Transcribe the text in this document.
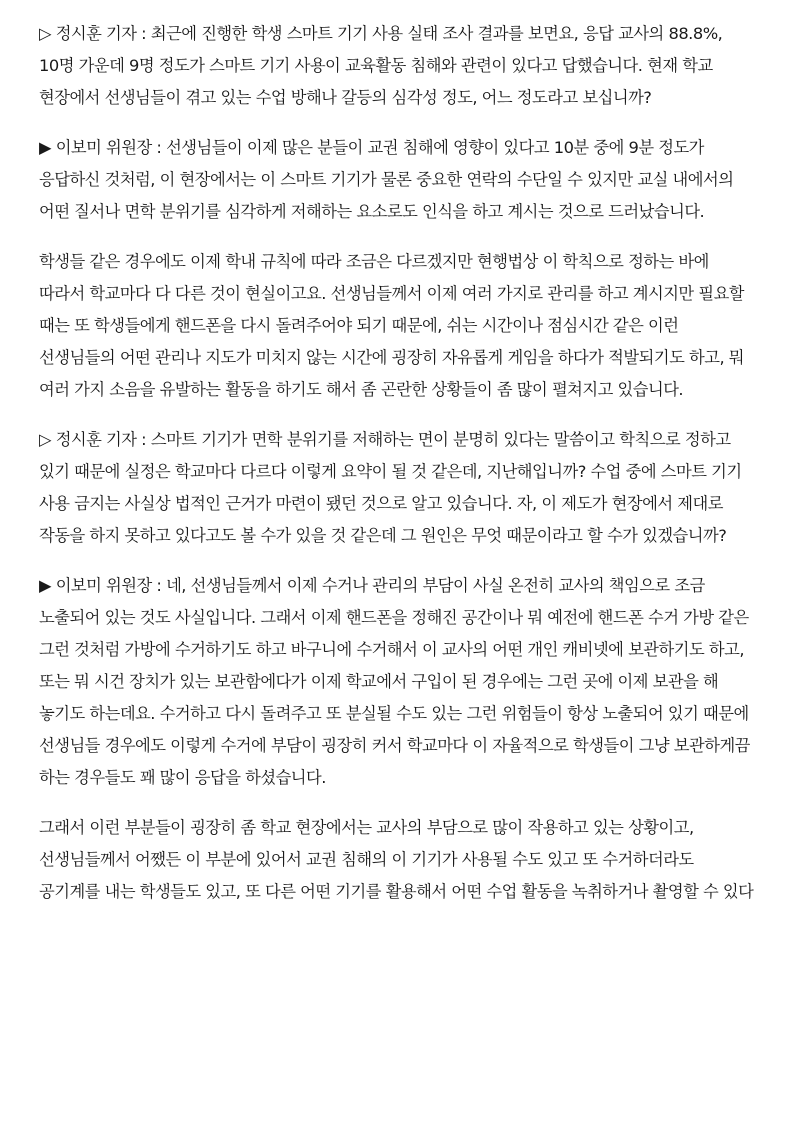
▷ 정시훈 기자 : 최근에 진행한 학생 스마트 기기 사용 실태 조사 결과를 보면요, 응답 교사의 88.8%, 10명 가운데 9명 정도가 스마트 기기 사용이 교육활동 침해와 관련이 있다고 답했습니다. 현재 학교 현장에서 선생님들이 겪고 있는 수업 방해나 갈등의 심각성 정도, 어느 정도라고 보십니까?

▶ 이보미 위원장 : 선생님들이 이제 많은 분들이 교권 침해에 영향이 있다고 10분 중에 9분 정도가 응답하신 것처럼, 이 현장에서는 이 스마트 기기가 물론 중요한 연락의 수단일 수 있지만 교실 내에서의 어떤 질서나 면학 분위기를 심각하게 저해하는 요소로도 인식을 하고 계시는 것으로 드러났습니다.

학생들 같은 경우에도 이제 학내 규칙에 따라 조금은 다르겠지만 현행법상 이 학칙으로 정하는 바에 따라서 학교마다 다 다른 것이 현실이고요. 선생님들께서 이제 여러 가지로 관리를 하고 계시지만 필요할 때는 또 학생들에게 핸드폰을 다시 돌려주어야 되기 때문에, 쉬는 시간이나 점심시간 같은 이런 선생님들의 어떤 관리나 지도가 미치지 않는 시간에 굉장히 자유롭게 게임을 하다가 적발되기도 하고, 뭐 여러 가지 소음을 유발하는 활동을 하기도 해서 좀 곤란한 상황들이 좀 많이 펼쳐지고 있습니다.

▷ 정시훈 기자 : 스마트 기기가 면학 분위기를 저해하는 면이 분명히 있다는 말씀이고 학칙으로 정하고 있기 때문에 실정은 학교마다 다르다 이렇게 요약이 될 것 같은데, 지난해입니까? 수업 중에 스마트 기기 사용 금지는 사실상 법적인 근거가 마련이 됐던 것으로 알고 있습니다. 자, 이 제도가 현장에서 제대로 작동을 하지 못하고 있다고도 볼 수가 있을 것 같은데 그 원인은 무엇 때문이라고 할 수가 있겠습니까?

▶ 이보미 위원장 : 네, 선생님들께서 이제 수거나 관리의 부담이 사실 온전히 교사의 책임으로 조금 노출되어 있는 것도 사실입니다. 그래서 이제 핸드폰을 정해진 공간이나 뭐 예전에 핸드폰 수거 가방 같은 그런 것처럼 가방에 수거하기도 하고 바구니에 수거해서 이 교사의 어떤 개인 캐비넷에 보관하기도 하고, 또는 뭐 시건 장치가 있는 보관함에다가 이제 학교에서 구입이 된 경우에는 그런 곳에 이제 보관을 해 놓기도 하는데요. 수거하고 다시 돌려주고 또 분실될 수도 있는 그런 위험들이 항상 노출되어 있기 때문에 선생님들 경우에도 이렇게 수거에 부담이 굉장히 커서 학교마다 이 자율적으로 학생들이 그냥 보관하게끔 하는 경우들도 꽤 많이 응답을 하셨습니다.

그래서 이런 부분들이 굉장히 좀 학교 현장에서는 교사의 부담으로 많이 작용하고 있는 상황이고, 선생님들께서 어쨌든 이 부분에 있어서 교권 침해의 이 기기가 사용될 수도 있고 또 수거하더라도 공기계를 내는 학생들도 있고, 또 다른 어떤 기기를 활용해서 어떤 수업 활동을 녹취하거나 촬영할 수 있다
